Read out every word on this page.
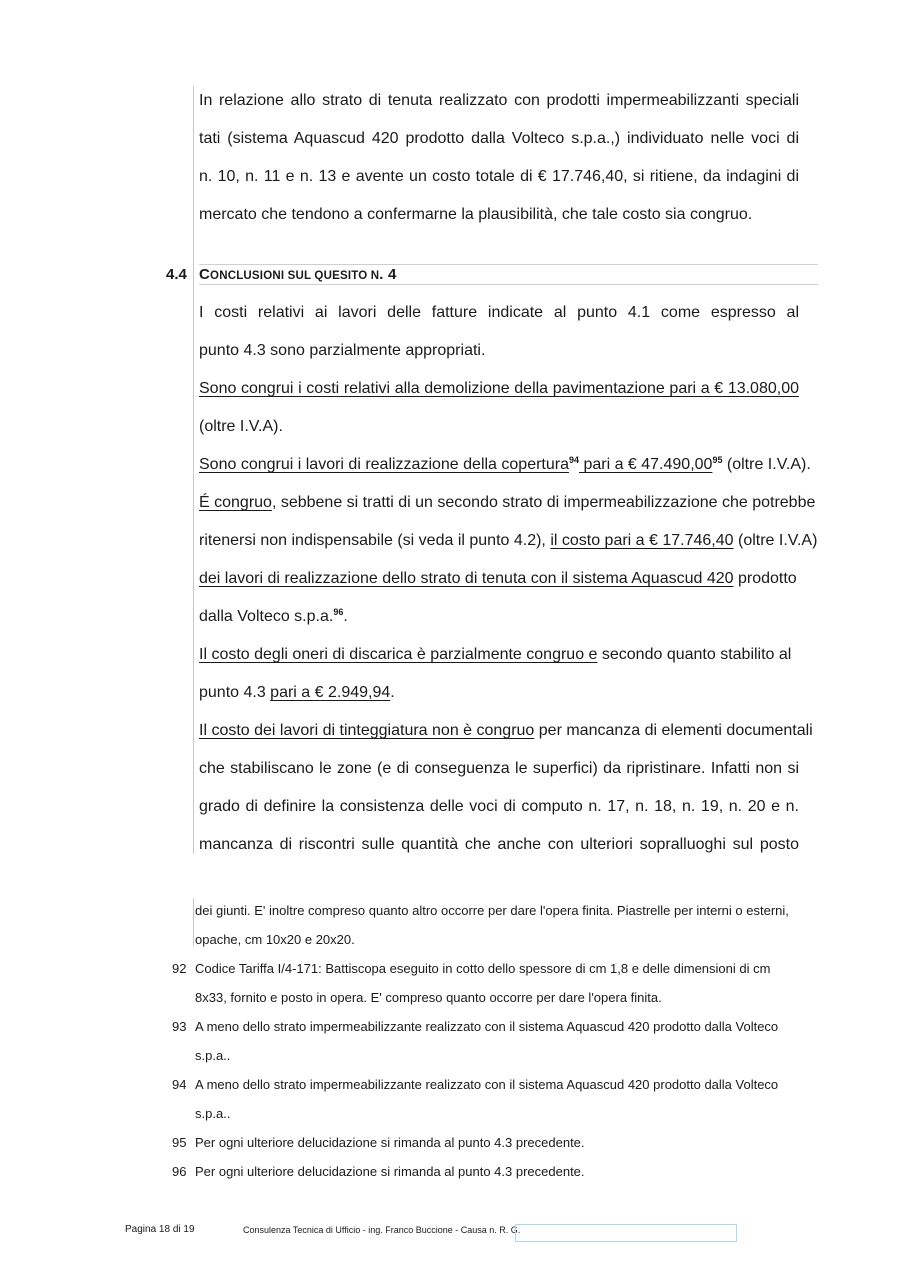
In relazione allo strato di tenuta realizzato con prodotti impermeabilizzanti speciali
tati (sistema Aquascud 420 prodotto dalla Volteco s.p.a.,) individuato nelle voci di
n. 10, n. 11 e n. 13 e avente un costo totale di € 17.746,40, si ritiene, da indagini di
mercato che tendono a confermarne la plausibilità, che tale costo sia congruo.
4.4 CONCLUSIONI SUL QUESITO N. 4
I costi relativi ai lavori delle fatture indicate al punto 4.1 come espresso al
punto 4.3 sono parzialmente appropriati.
Sono congrui i costi relativi alla demolizione della pavimentazione pari a € 13.080,00
(oltre I.V.A).
Sono congrui i lavori di realizzazione della copertura$^{94}$ pari a € 47.490,00$^{95}$ (oltre I.V.A).
É congruo, sebbene si tratti di un secondo strato di impermeabilizzazione che potrebbe
ritenersi non indispensabile (si veda il punto 4.2), il costo pari a € 17.746,40 (oltre I.V.A)
dei lavori di realizzazione dello strato di tenuta con il sistema Aquascud 420 prodotto
dalla Volteco s.p.a.$^{96}$.
Il costo degli oneri di discarica è parzialmente congruo e secondo quanto stabilito al
punto 4.3 pari a € 2.949,94.
Il costo dei lavori di tinteggiatura non è congruo per mancanza di elementi documentali
che stabiliscano le zone (e di conseguenza le superfici) da ripristinare. Infatti non si
grado di definire la consistenza delle voci di computo n. 17, n. 18, n. 19, n. 20 e n.
mancanza di riscontri sulle quantità che anche con ulteriori sopralluoghi sul posto
dei giunti. E' inoltre compreso quanto altro occorre per dare l'opera finita. Piastrelle per interni o esterni,
opache, cm 10x20 e 20x20.
92 Codice Tariffa I/4-171: Battiscopa eseguito in cotto dello spessore di cm 1,8 e delle dimensioni di cm
8x33, fornito e posto in opera. E' compreso quanto occorre per dare l'opera finita.
93 A meno dello strato impermeabilizzante realizzato con il sistema Aquascud 420 prodotto dalla Volteco
s.p.a..
94 A meno dello strato impermeabilizzante realizzato con il sistema Aquascud 420 prodotto dalla Volteco
s.p.a..
95 Per ogni ulteriore delucidazione si rimanda al punto 4.3 precedente.
96 Per ogni ulteriore delucidazione si rimanda al punto 4.3 precedente.
Pagina 18 di 19	Consulenza Tecnica di Ufficio - ing. Franco Buccione - Causa n. R. G.
